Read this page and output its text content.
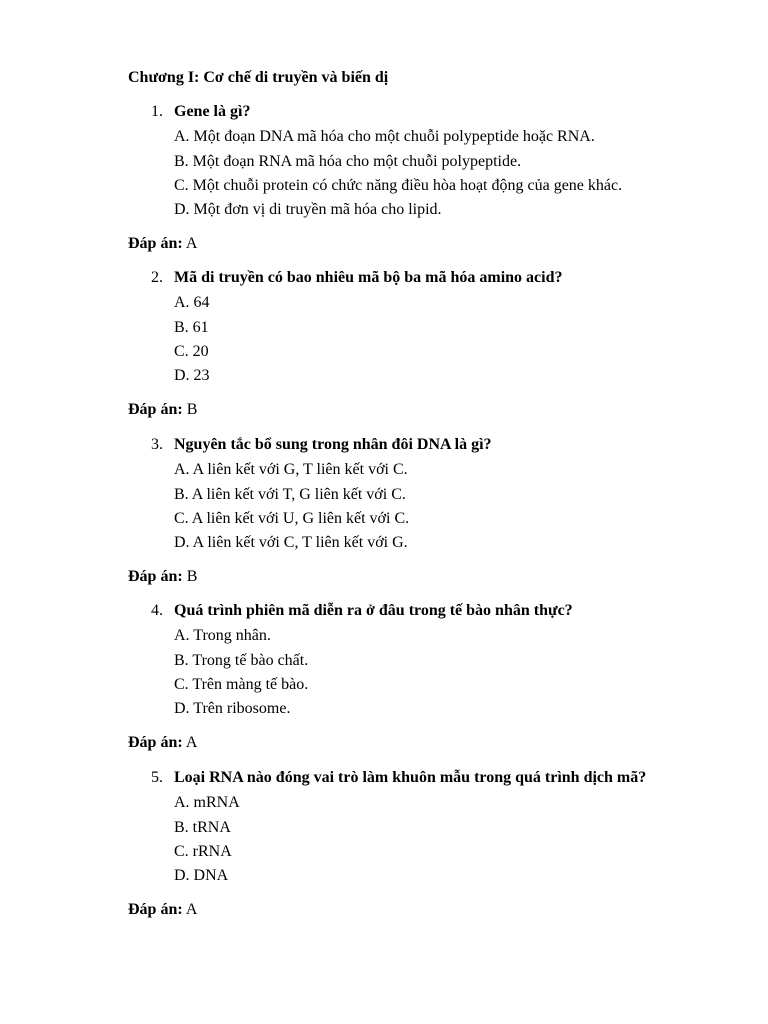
Chương I: Cơ chế di truyền và biến dị
1. Gene là gì?
A. Một đoạn DNA mã hóa cho một chuỗi polypeptide hoặc RNA.
B. Một đoạn RNA mã hóa cho một chuỗi polypeptide.
C. Một chuỗi protein có chức năng điều hòa hoạt động của gene khác.
D. Một đơn vị di truyền mã hóa cho lipid.
Đáp án: A
2. Mã di truyền có bao nhiêu mã bộ ba mã hóa amino acid?
A. 64
B. 61
C. 20
D. 23
Đáp án: B
3. Nguyên tắc bổ sung trong nhân đôi DNA là gì?
A. A liên kết với G, T liên kết với C.
B. A liên kết với T, G liên kết với C.
C. A liên kết với U, G liên kết với C.
D. A liên kết với C, T liên kết với G.
Đáp án: B
4. Quá trình phiên mã diễn ra ở đâu trong tế bào nhân thực?
A. Trong nhân.
B. Trong tế bào chất.
C. Trên màng tế bào.
D. Trên ribosome.
Đáp án: A
5. Loại RNA nào đóng vai trò làm khuôn mẫu trong quá trình dịch mã?
A. mRNA
B. tRNA
C. rRNA
D. DNA
Đáp án: A
